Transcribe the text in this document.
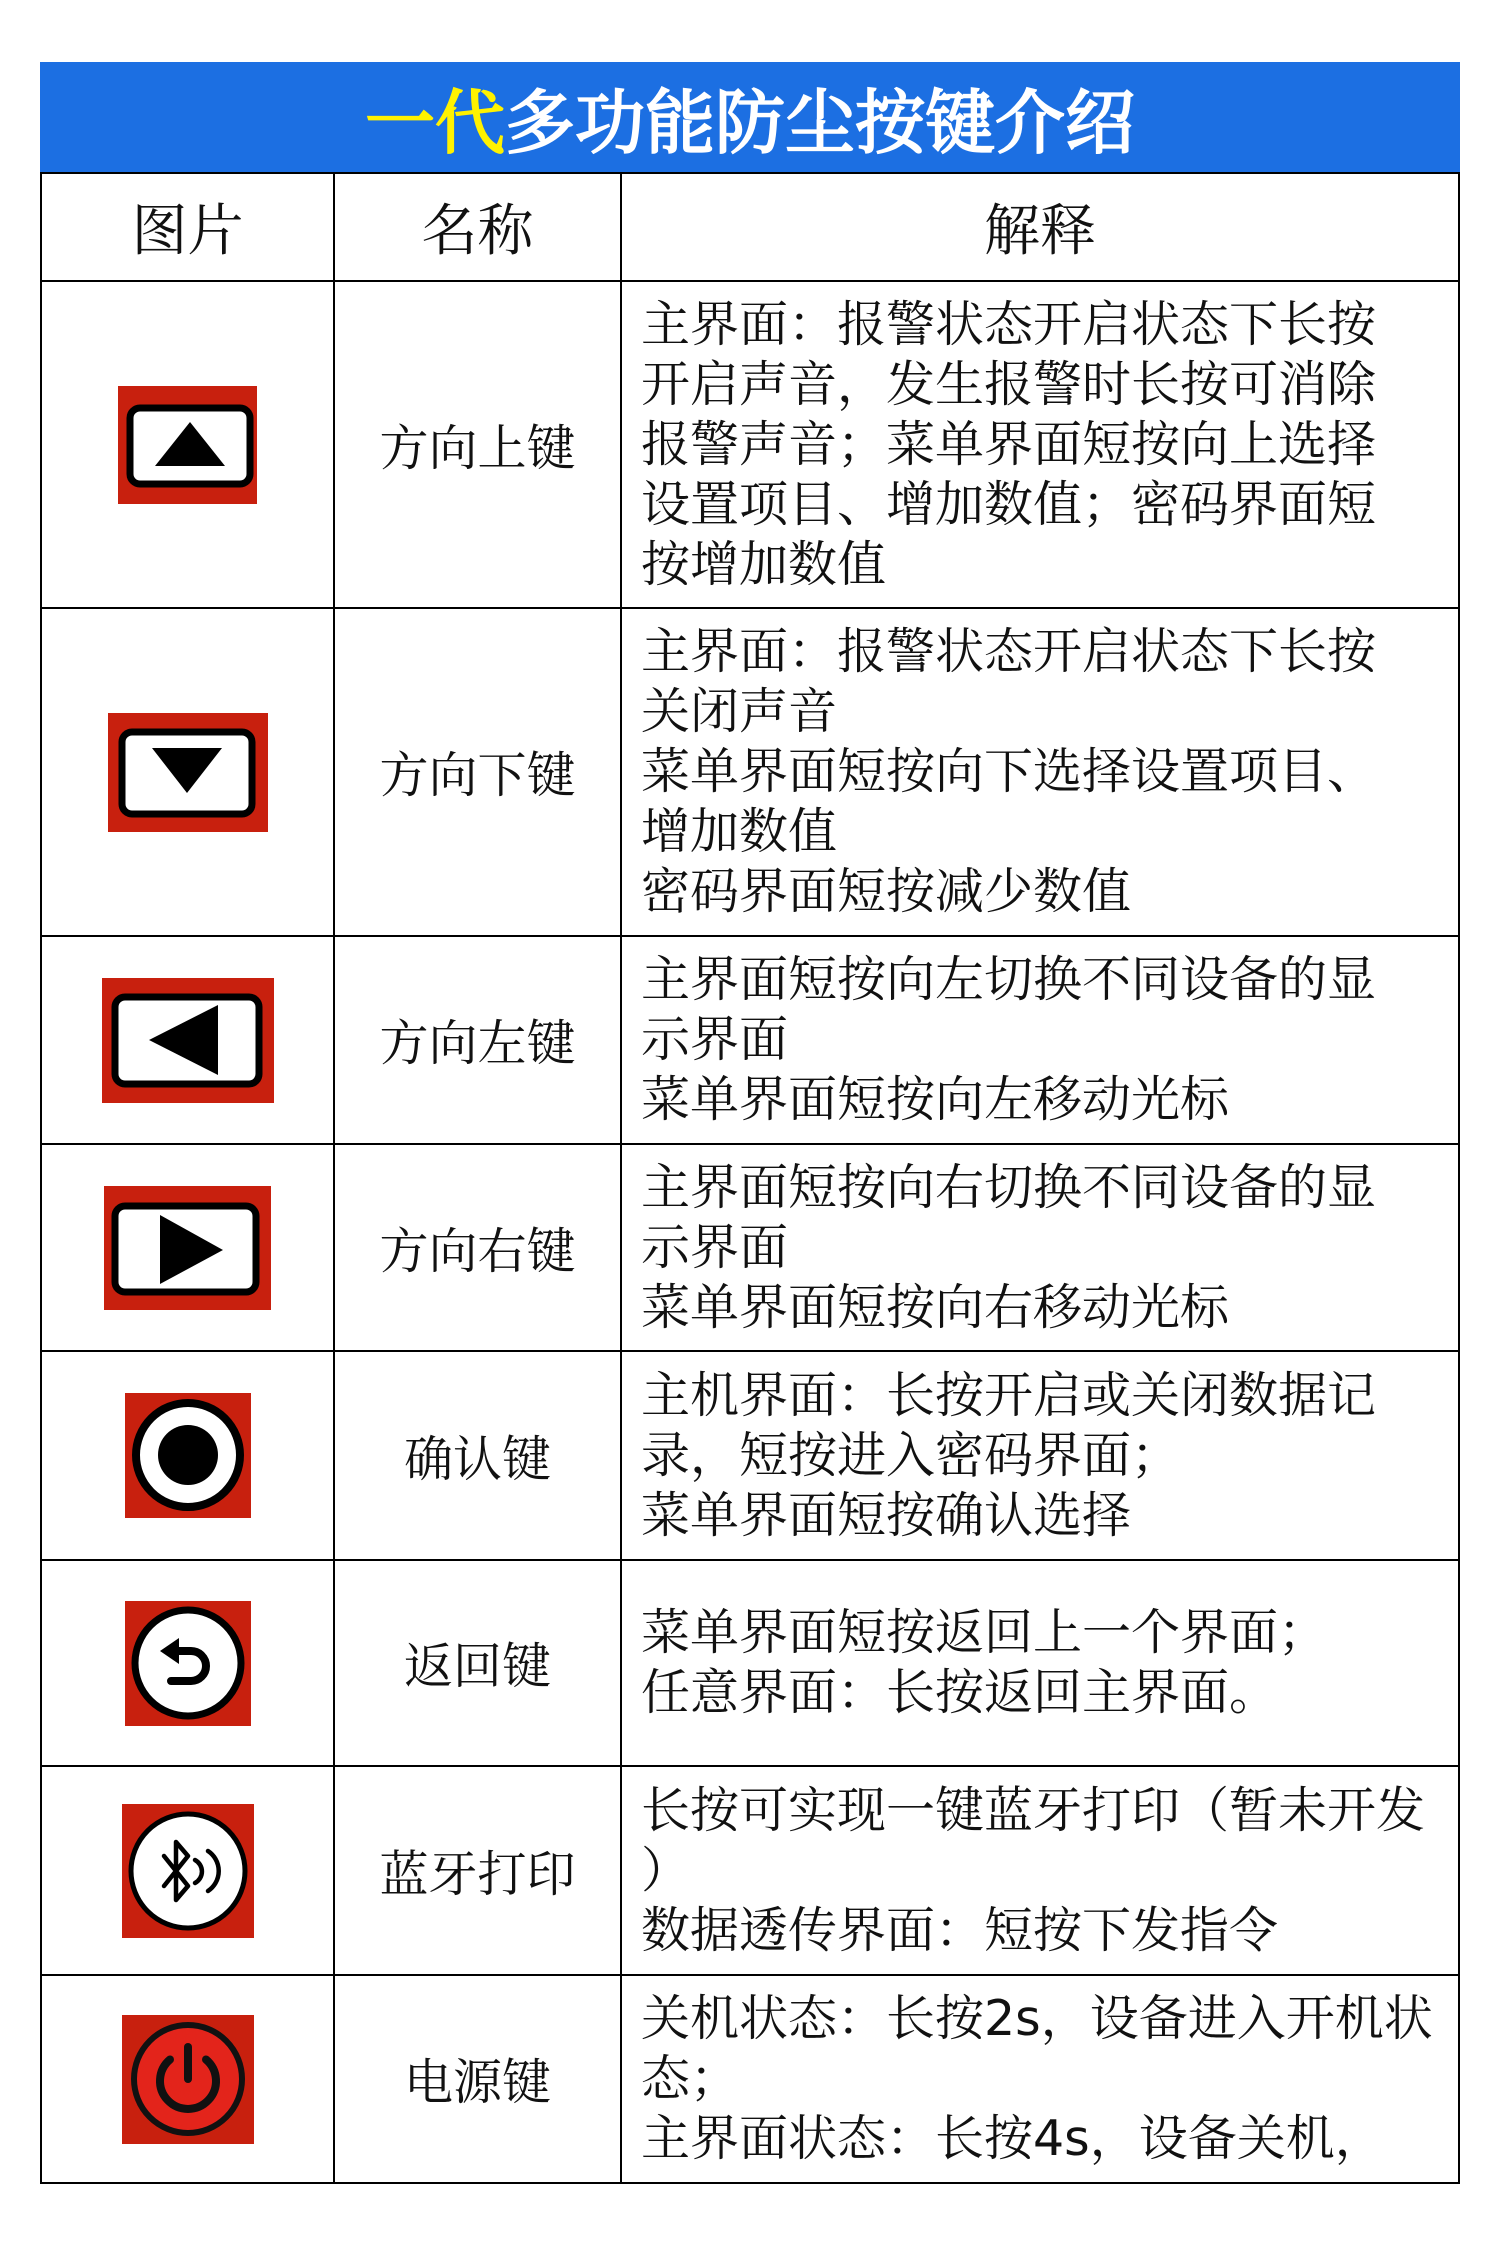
一代 多功能防尘按键介绍
图片	名称	解释
方向上键
主界面：报警状态开启状态下长按
开启声音，发生报警时长按可消除
报警声音；菜单界面短按向上选择
设置项目、增加数值；密码界面短
按增加数值
方向下键
主界面：报警状态开启状态下长按
关闭声音
菜单界面短按向下选择设置项目、
增加数值
密码界面短按减少数值
方向左键
主界面短按向左切换不同设备的显
示界面
菜单界面短按向左移动光标
方向右键
主界面短按向右切换不同设备的显
示界面
菜单界面短按向右移动光标
确认键
主机界面：长按开启或关闭数据记
录，短按进入密码界面；
菜单界面短按确认选择
返回键
菜单界面短按返回上一个界面；
任意界面：长按返回主界面。
蓝牙打印
长按可实现一键蓝牙打印（暂未开发
）
数据透传界面：短按下发指令
电源键
关机状态：长按2s，设备进入开机状
态；
主界面状态：长按4s，设备关机，
